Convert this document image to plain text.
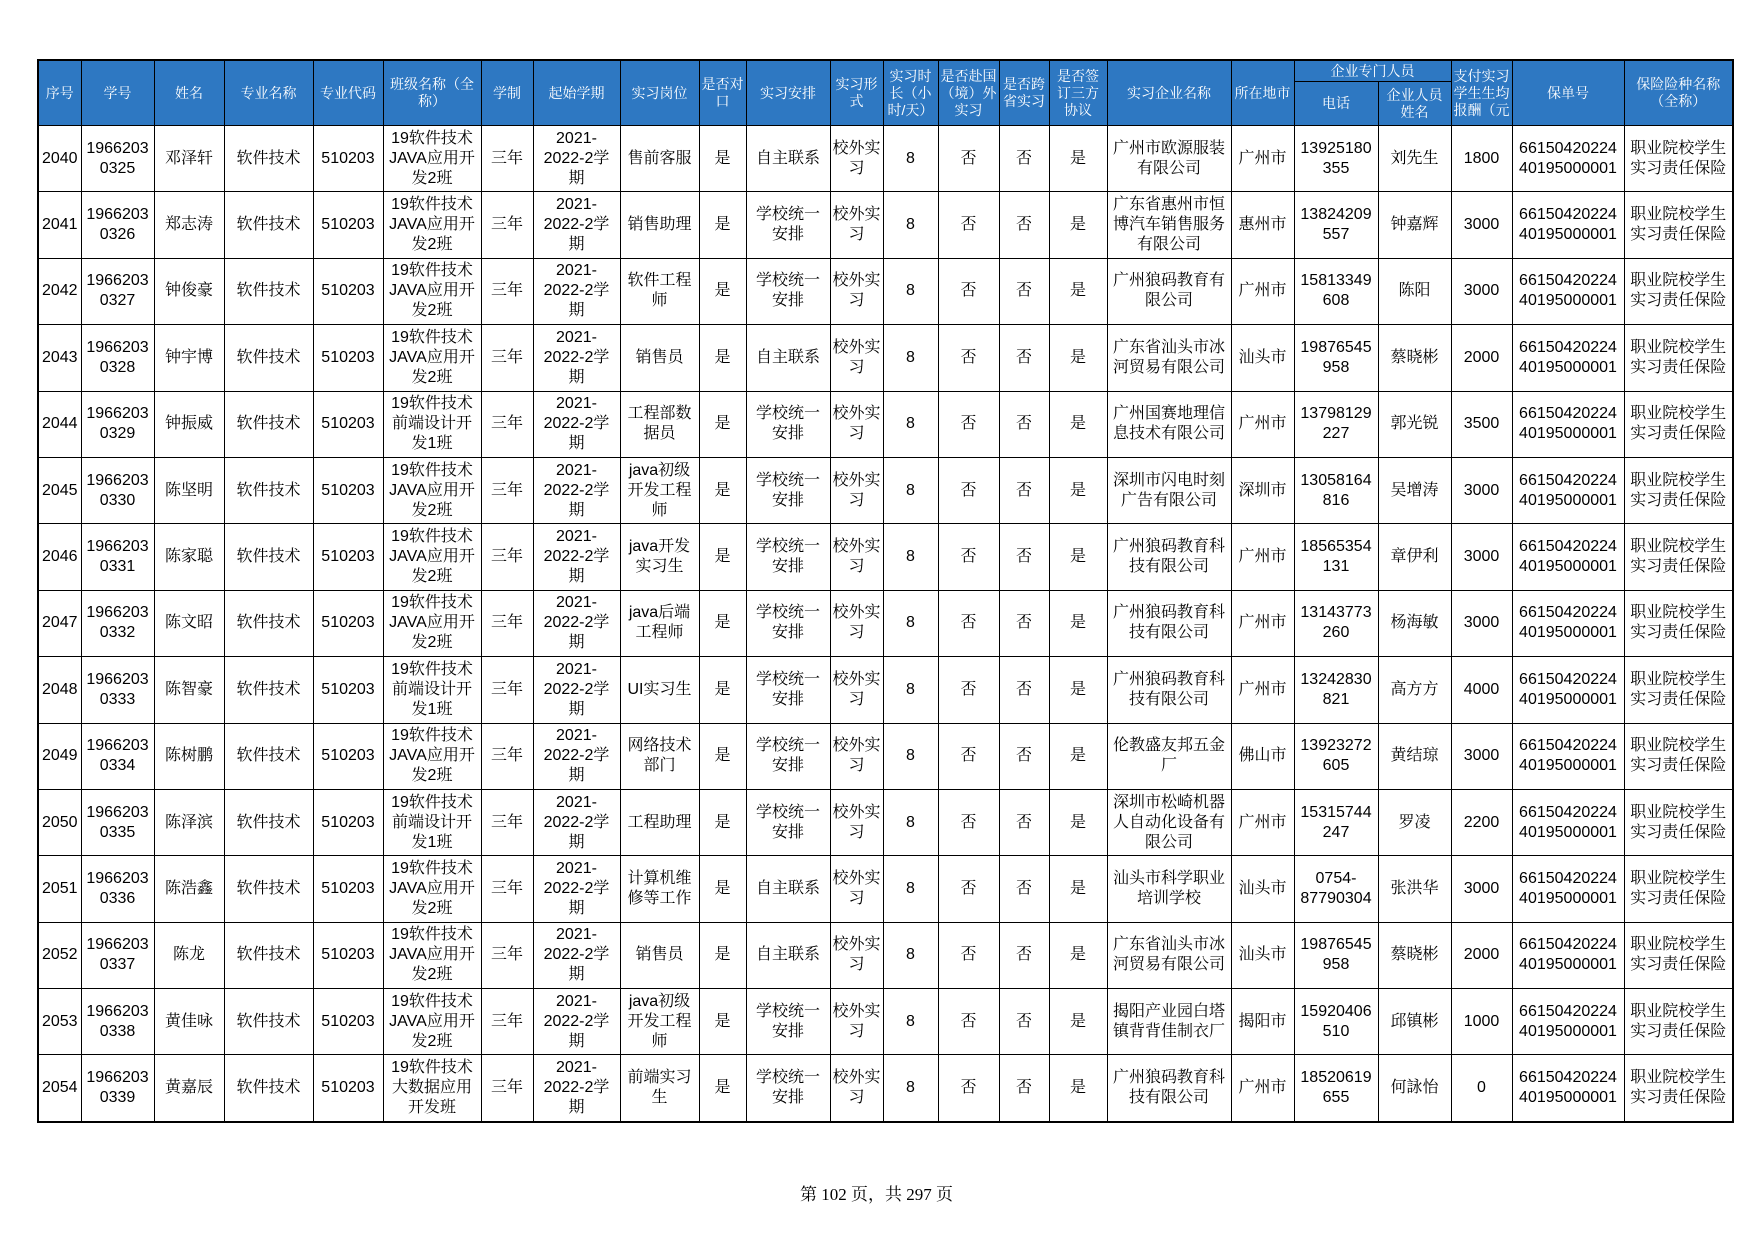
序号	学号	姓名	专业名称	专业代码	班级名称（全称）	学制	起始学期	实习岗位	是否对口	实习安排	实习形式	实习时长（小时/天）	是否赴国（境）外实习	是否跨省实习	是否签订三方协议	实习企业名称	所在地市	企业专门人员		支付实习学生生均报酬（元	保单号	保险险种名称（全称）

																		电话	企业人员姓名			

2040	19662030325	邓泽轩	软件技术	510203	19软件技术JAVA应用开发2班	三年	2021-2022-2学期	售前客服	是	自主联系	校外实习	8	否	否	是	广州市欧源服装有限公司	广州市	13925180355	刘先生	1800	6615042022440195000001	职业院校学生实习责任保险

2041	19662030326	郑志涛	软件技术	510203	19软件技术JAVA应用开发2班	三年	2021-2022-2学期	销售助理	是	学校统一安排	校外实习	8	否	否	是	广东省惠州市恒博汽车销售服务有限公司	惠州市	13824209557	钟嘉辉	3000	6615042022440195000001	职业院校学生实习责任保险

2042	19662030327	钟俊豪	软件技术	510203	19软件技术JAVA应用开发2班	三年	2021-2022-2学期	软件工程师	是	学校统一安排	校外实习	8	否	否	是	广州狼码教育有限公司	广州市	15813349608	陈阳	3000	6615042022440195000001	职业院校学生实习责任保险

2043	19662030328	钟宇博	软件技术	510203	19软件技术JAVA应用开发2班	三年	2021-2022-2学期	销售员	是	自主联系	校外实习	8	否	否	是	广东省汕头市冰河贸易有限公司	汕头市	19876545958	蔡晓彬	2000	6615042022440195000001	职业院校学生实习责任保险

2044	19662030329	钟振威	软件技术	510203	19软件技术前端设计开发1班	三年	2021-2022-2学期	工程部数据员	是	学校统一安排	校外实习	8	否	否	是	广州国赛地理信息技术有限公司	广州市	13798129227	郭光锐	3500	6615042022440195000001	职业院校学生实习责任保险

2045	19662030330	陈坚明	软件技术	510203	19软件技术JAVA应用开发2班	三年	2021-2022-2学期	java初级开发工程师	是	学校统一安排	校外实习	8	否	否	是	深圳市闪电时刻广告有限公司	深圳市	13058164816	吴增涛	3000	6615042022440195000001	职业院校学生实习责任保险

2046	19662030331	陈家聪	软件技术	510203	19软件技术JAVA应用开发2班	三年	2021-2022-2学期	java开发实习生	是	学校统一安排	校外实习	8	否	否	是	广州狼码教育科技有限公司	广州市	18565354131	章伊利	3000	6615042022440195000001	职业院校学生实习责任保险

2047	19662030332	陈文昭	软件技术	510203	19软件技术JAVA应用开发2班	三年	2021-2022-2学期	java后端工程师	是	学校统一安排	校外实习	8	否	否	是	广州狼码教育科技有限公司	广州市	13143773260	杨海敏	3000	6615042022440195000001	职业院校学生实习责任保险

2048	19662030333	陈智豪	软件技术	510203	19软件技术前端设计开发1班	三年	2021-2022-2学期	UI实习生	是	学校统一安排	校外实习	8	否	否	是	广州狼码教育科技有限公司	广州市	13242830821	高方方	4000	6615042022440195000001	职业院校学生实习责任保险

2049	19662030334	陈树鹏	软件技术	510203	19软件技术JAVA应用开发2班	三年	2021-2022-2学期	网络技术部门	是	学校统一安排	校外实习	8	否	否	是	伦教盛友邦五金厂	佛山市	13923272605	黄结琼	3000	6615042022440195000001	职业院校学生实习责任保险

2050	19662030335	陈泽滨	软件技术	510203	19软件技术前端设计开发1班	三年	2021-2022-2学期	工程助理	是	学校统一安排	校外实习	8	否	否	是	深圳市松崎机器人自动化设备有限公司	广州市	15315744247	罗凌	2200	6615042022440195000001	职业院校学生实习责任保险

2051	19662030336	陈浩鑫	软件技术	510203	19软件技术JAVA应用开发2班	三年	2021-2022-2学期	计算机维修等工作	是	自主联系	校外实习	8	否	否	是	汕头市科学职业培训学校	汕头市	0754-87790304	张洪华	3000	6615042022440195000001	职业院校学生实习责任保险

2052	19662030337	陈龙	软件技术	510203	19软件技术JAVA应用开发2班	三年	2021-2022-2学期	销售员	是	自主联系	校外实习	8	否	否	是	广东省汕头市冰河贸易有限公司	汕头市	19876545958	蔡晓彬	2000	6615042022440195000001	职业院校学生实习责任保险

2053	19662030338	黄佳咏	软件技术	510203	19软件技术JAVA应用开发2班	三年	2021-2022-2学期	java初级开发工程师	是	学校统一安排	校外实习	8	否	否	是	揭阳产业园白塔镇背背佳制衣厂	揭阳市	15920406510	邱镇彬	1000	6615042022440195000001	职业院校学生实习责任保险

2054	19662030339	黄嘉辰	软件技术	510203	19软件技术大数据应用开发班	三年	2021-2022-2学期	前端实习生	是	学校统一安排	校外实习	8	否	否	是	广州狼码教育科技有限公司	广州市	18520619655	何詠怡	0	6615042022440195000001	职业院校学生实习责任保险
第 102 页，共 297 页
